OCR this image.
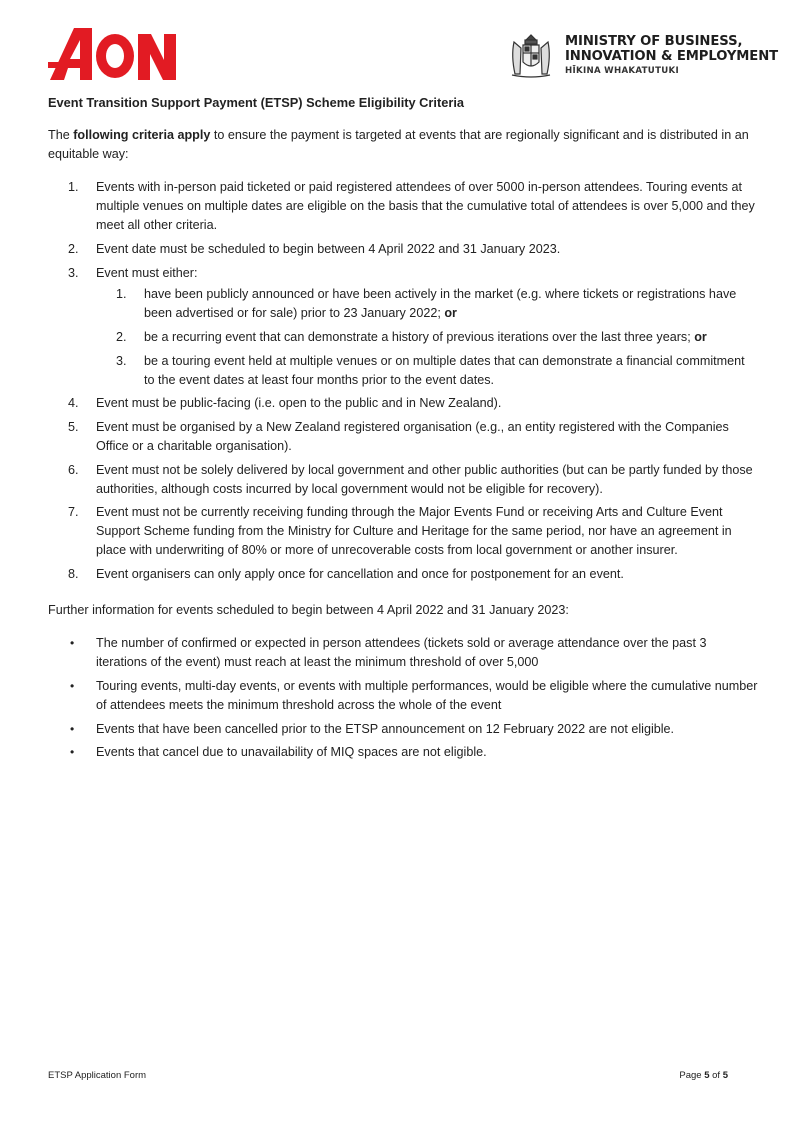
MINISTRY OF BUSINESS,
INNOVATION & EMPLOYMENT
HĪKINA WHAKATUTUKI

Event Transition Support Payment (ETSP) Scheme Eligibility Criteria

The following criteria apply to ensure the payment is targeted at events that are regionally significant and is distributed in an equitable way:

1. Events with in-person paid ticketed or paid registered attendees of over 5000 in-person attendees. Touring events at multiple venues on multiple dates are eligible on the basis that the cumulative total of attendees is over 5,000 and they meet all other criteria.
2. Event date must be scheduled to begin between 4 April 2022 and 31 January 2023.
3. Event must either:
1. have been publicly announced or have been actively in the market (e.g. where tickets or registrations have been advertised or for sale) prior to 23 January 2022; or
2. be a recurring event that can demonstrate a history of previous iterations over the last three years; or
3. be a touring event held at multiple venues or on multiple dates that can demonstrate a financial commitment to the event dates at least four months prior to the event dates.
4. Event must be public-facing (i.e. open to the public and in New Zealand).
5. Event must be organised by a New Zealand registered organisation (e.g., an entity registered with the Companies Office or a charitable organisation).
6. Event must not be solely delivered by local government and other public authorities (but can be partly funded by those authorities, although costs incurred by local government would not be eligible for recovery).
7. Event must not be currently receiving funding through the Major Events Fund or receiving Arts and Culture Event Support Scheme funding from the Ministry for Culture and Heritage for the same period, nor have an agreement in place with underwriting of 80% or more of unrecoverable costs from local government or another insurer.
8. Event organisers can only apply once for cancellation and once for postponement for an event.

Further information for events scheduled to begin between 4 April 2022 and 31 January 2023:

• The number of confirmed or expected in person attendees (tickets sold or average attendance over the past 3 iterations of the event) must reach at least the minimum threshold of over 5,000
• Touring events, multi-day events, or events with multiple performances, would be eligible where the cumulative number of attendees meets the minimum threshold across the whole of the event
• Events that have been cancelled prior to the ETSP announcement on 12 February 2022 are not eligible.
• Events that cancel due to unavailability of MIQ spaces are not eligible.
ETSP Application Form	Page 5 of 5
